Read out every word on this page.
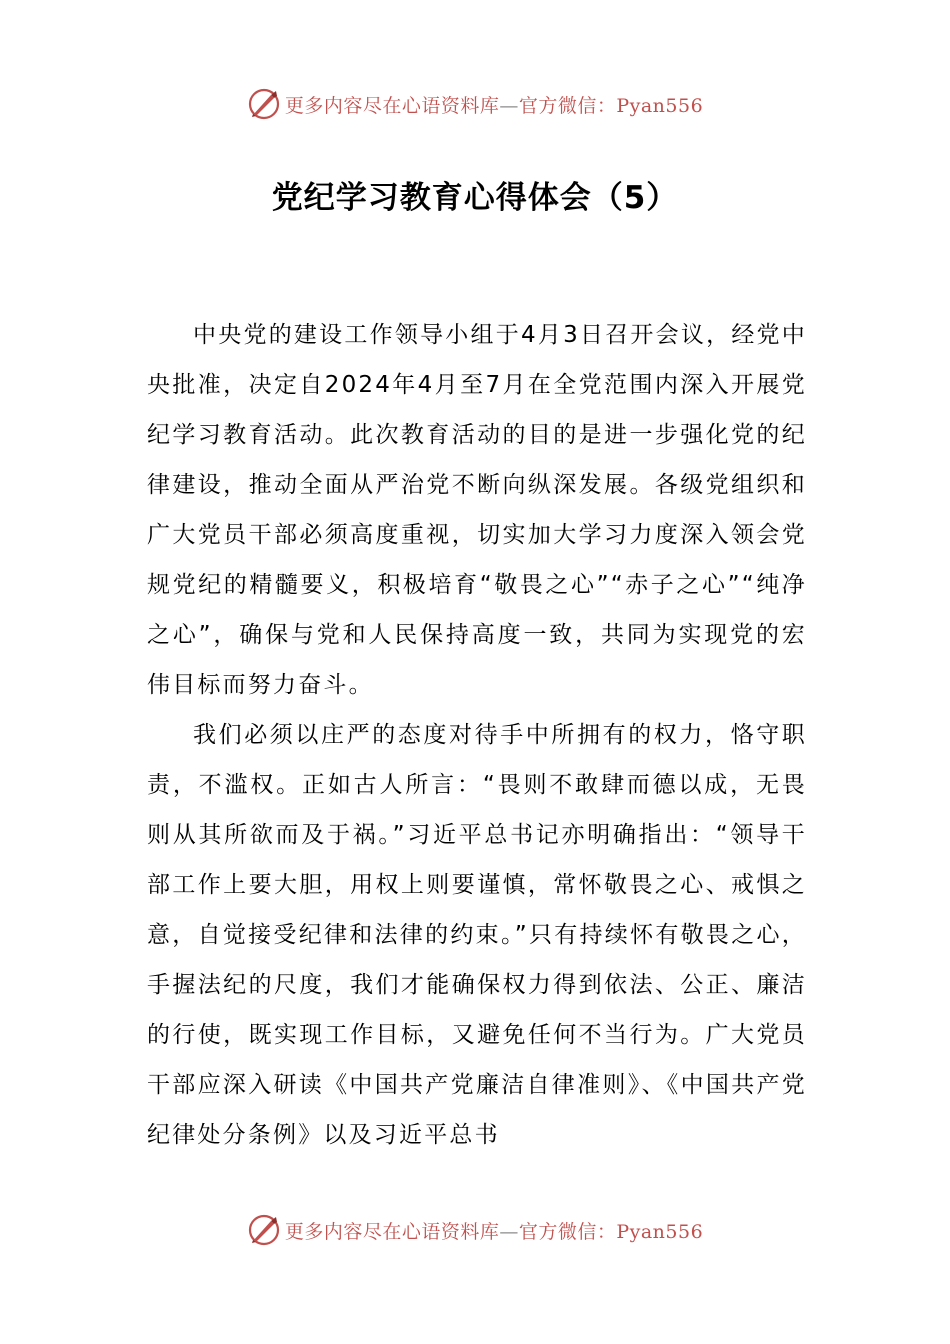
更多内容尽在心语资料库—官方微信：Pyan556
党纪学习教育心得体会（5）

中央党的建设工作领导小组于4月3日召开会议，经党中央批准，决定自2024年4月至7月在全党范围内深入开展党纪学习教育活动。此次教育活动的目的是进一步强化党的纪律建设，推动全面从严治党不断向纵深发展。各级党组织和广大党员干部必须高度重视，切实加大学习力度深入领会党规党纪的精髓要义，积极培育“敬畏之心”“赤子之心”“纯净之心”，确保与党和人民保持高度一致，共同为实现党的宏伟目标而努力奋斗。

我们必须以庄严的态度对待手中所拥有的权力，恪守职责，不滥权。正如古人所言：“畏则不敢肆而德以成，无畏则从其所欲而及于祸。”习近平总书记亦明确指出：“领导干部工作上要大胆，用权上则要谨慎，常怀敬畏之心、戒惧之意，自觉接受纪律和法律的约束。”只有持续怀有敬畏之心，手握法纪的尺度，我们才能确保权力得到依法、公正、廉洁的行使，既实现工作目标，又避免任何不当行为。广大党员干部应深入研读《中国共产党廉洁自律准则》、《中国共产党纪律处分条例》以及习近平总书

更多内容尽在心语资料库—官方微信：Pyan556
